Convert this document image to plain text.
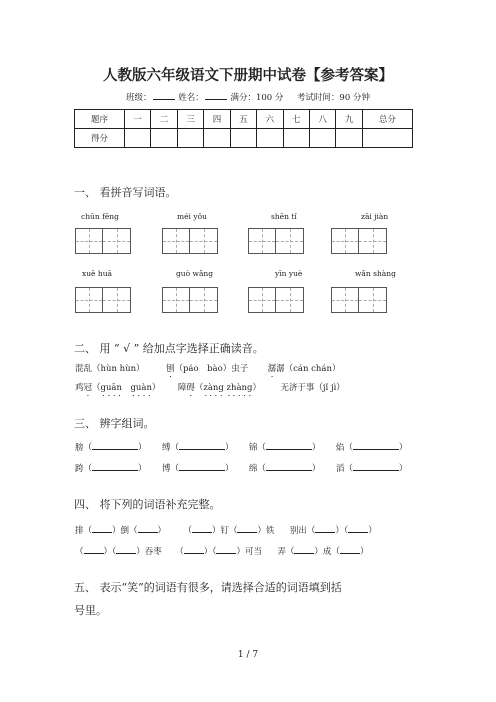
人教版六年级语文下册期中试卷【参考答案】
班级：	姓名：	满分：100 分 考试时间：90 分钟
题序	一	二	三	四	五	六	七	八	九	总分
得分										
一、 看拼音写词语。
chūn fēng	méi yǒu	shēn tǐ	zāi jiàn
xuě huā	guò wǎng	yīn yuè	wǎn shàng
二、 用 “ √ ” 给加点字选择正确读音。
混乱（hùn hùn）	刨（páo　bào）虫子 潺潺（cán chán）
鸡冠（guān　guàn） 障碍（zàng zhàng） 无济于事（jǐ jì）
三、 辨字组词。
膀（	） 缚（	） 锦（	） 焰（	）
跨（	） 博（	） 绵（	） 滔（	）
四、 将下列的词语补充完整。
排（ ）倒（ ） （ ）钉（ ）铁 别出（ ）（ ）
（ ）（ ）吞枣 （ ）（ ）可当 弄（ ）成（ ）
五、 表示“笑”的词语有很多，请选择合适的词语填到括
号里。
1 / 7
